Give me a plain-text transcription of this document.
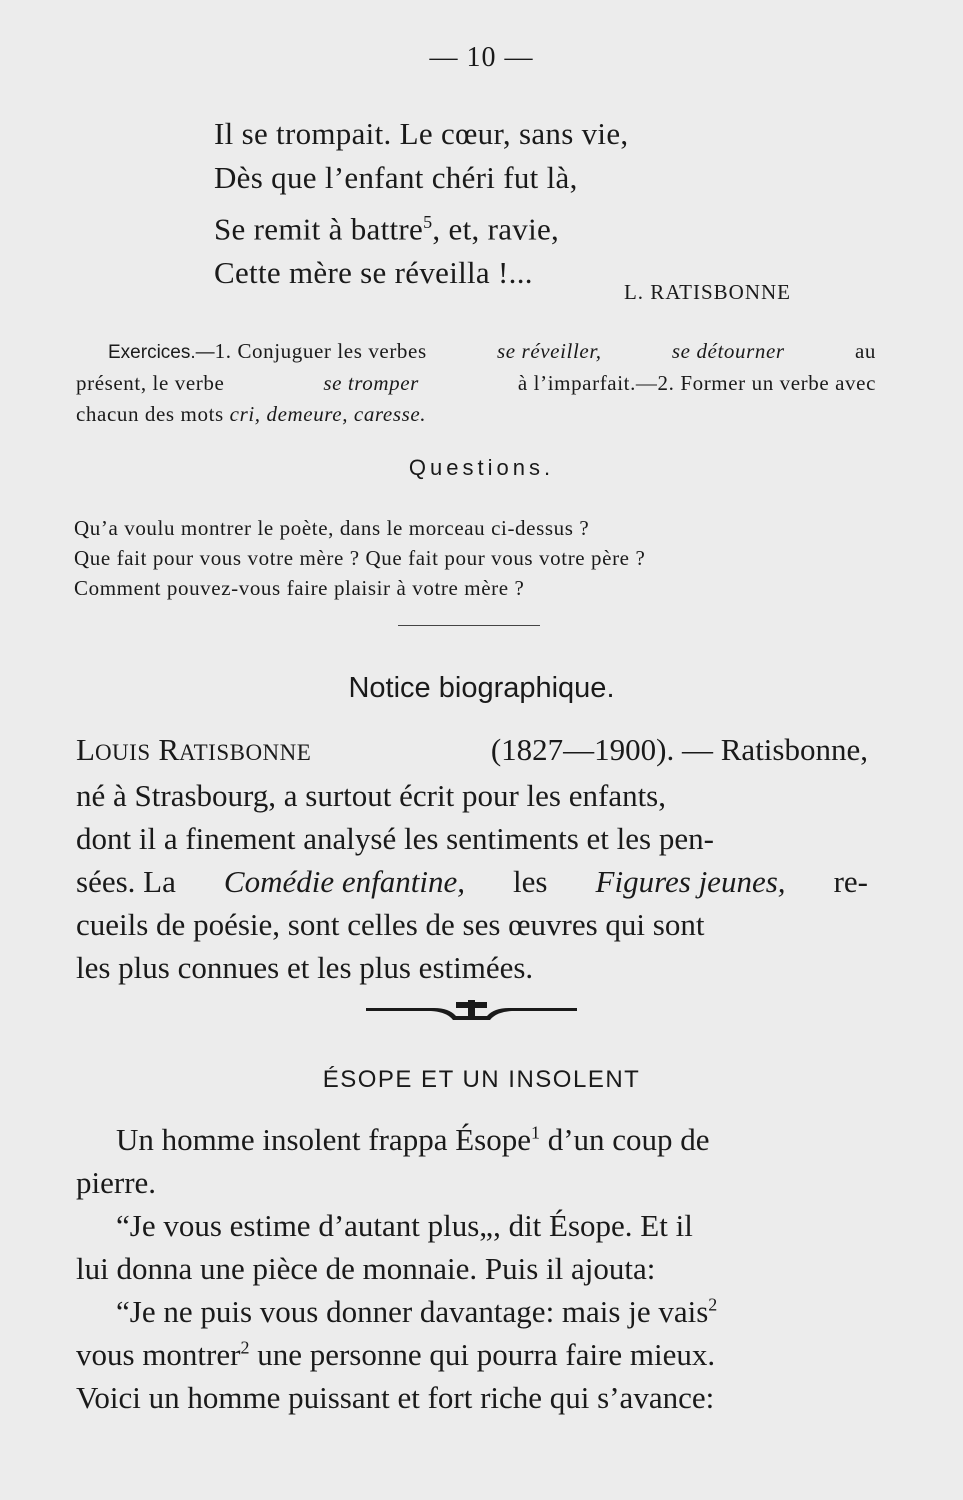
— 10 —
Il se trompait. Le cœur, sans vie,
Dès que l’enfant chéri fut là,
Se remit à battre$^5$, et, ravie,
Cette mère se réveilla !...
L. RATISBONNE
Exercices.—1. Conjuguer les verbes	se réveiller,	se détourner	au
présent, le verbe	se tromper	à l’imparfait.—2. Former un verbe avec
chacun des mots cri, demeure, caresse.
Questions.
Qu’a voulu montrer le poète, dans le morceau ci-dessus ?
Que fait pour vous votre mère ? Que fait pour vous votre père ?
Comment pouvez-vous faire plaisir à votre mère ?
Notice biographique.
LOUIS RATISBONNE	(1827—1900). — Ratisbonne,
né à Strasbourg, a surtout écrit pour les enfants,
dont il a finement analysé les sentiments et les pen-
sées. La Comédie enfantine, les Figures jeunes, re-
cueils de poésie, sont celles de ses œuvres qui sont
les plus connues et les plus estimées.
ÉSOPE ET UN INSOLENT
Un homme insolent frappa Ésope$^1$ d’un coup de
pierre.
“Je vous estime d’autant plus„, dit Ésope. Et il
lui donna une pièce de monnaie. Puis il ajouta:
“Je ne puis vous donner davantage: mais je vais$^2$
vous montrer$^2$ une personne qui pourra faire mieux.
Voici un homme puissant et fort riche qui s’avance:
